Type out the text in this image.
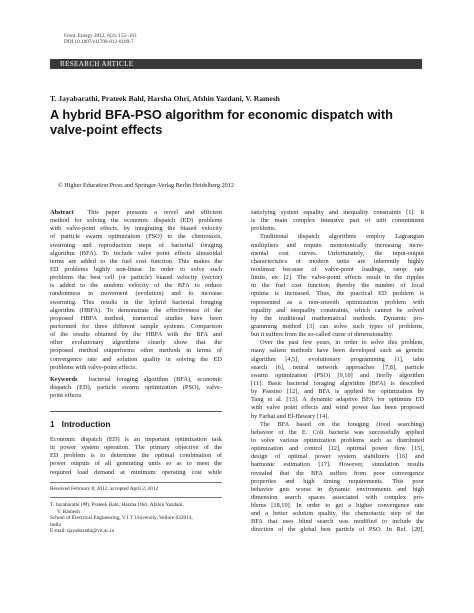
Front. Energy 2012, 6(2): 155–163
DOI 10.1007/s11708-012-0189-7
RESEARCH ARTICLE
T. Jayabarathi, Prateek Bahl, Harsha Ohri, Afshin Yazdani, V. Ramesh
A hybrid BFA-PSO algorithm for economic dispatch with
valve-point effects
© Higher Education Press and Springer-Verlag Berlin Heidelberg 2012
Abstract This paper presents a novel and efficient
method for solving the economic dispatch (ED) problems
with valve-point effects, by integrating the biased velocity
of particle swarm optimization (PSO) to the chemotaxis,
swarming and reproduction steps of bacterial foraging
algorithm (BFA). To include valve point effects sinusoidal
terms are added to the fuel cost function. This makes the
ED problems highly non-linear. In order to solve such
problems the best cell (or particle) biased velocity (vector)
is added to the random velocity of the BFA to reduce
randomness in movement (evolution) and to increase
swarming. This results in the hybrid bacterial foraging
algorithm (HBFA). To demonstrate the effectiveness of the
proposed HBFA method, numerical studies have been
performed for three different sample systems. Comparison
of the results obtained by the HBFA with the BFA and
other evolutionary algorithms clearly show that the
proposed method outperforms other methods in terms of
convergence rate and solution quality in solving the ED
problems with valve-point effects.
Keywords bacterial foraging algorithm (BFA), economic
dispatch (ED), particle swarm optimization (PSO), valve-
point effects
1 Introduction
Economic dispatch (ED) is an important optimization task
in power system operation. The primary objective of the
ED problem is to determine the optimal combination of
power outputs of all generating units so as to meet the
required load demand at minimum operating cost while
Received February 8, 2012; accepted April 2, 2012
T. Jayabarathi (✉), Prateek Bahl, Harsha Ohri, Afshin Yazdani,
V. Ramesh
School of Electrical Engineering, V I T University, Vellore 632014,
India
E-mail: tjayabarathi@vit.ac.in
satisfying system equality and inequality constraints [1]. It
is the main complex intensive part of unit commitment
problems.
Traditional dispatch algorithms employ Lagrangian
multipliers and require monotonically increasing incre-
mental cost curves. Unfortunately, the input-output
characteristics of modern units are inherently highly
nonlinear because of valve-point loadings, ramp rate
limits, etc [2]. The valve-point effects result in the ripples
in the fuel cost function; thereby the number of local
optima is increased. Thus, the practical ED problem is
represented as a non-smooth optimization problem with
equality and inequality constraints, which cannot be solved
by the traditional mathematical methods. Dynamic pro-
gramming method [3] can solve such types of problems,
but it suffers from the so-called curse of dimensionality.
Over the past few years, in order to solve this problem,
many salient methods have been developed such as genetic
algorithm [4,5], evolutionary programming [1], tabu
search [6], neural network approaches [7,8], particle
swarm optimization (PSO) [9,10] and firefly algorithm
[11]. Basic bacterial foraging algorithm (BFA) is described
by Passino [12], and BFA is applied for optimization by
Tang et al. [13]. A dynamic adaptive BFA for optimum ED
with valve point effects and wind power has been proposed
by Farhat and El-Hawary [14].
The BFA based on the foraging (food searching)
behavior of the E. Coli bacteria was successfully applied
to solve various optimization problems such as distributed
optimization and control [12], optimal power flow [15],
design of optimal power system stabilizers [16] and
harmonic estimation [17]. However, simulation results
revealed that the BFA suffers from poor convergence
properties and high timing requirements. This poor
behavior gets worse in dynamic environments and high
dimension search spaces associated with complex pro-
blems [18,19]. In order to get a higher convergence rate
and a better solution quality, the chemotactic step of the
BFA that uses blind search was modified to include the
direction of the global best particle of PSO. In Ref. [20],
